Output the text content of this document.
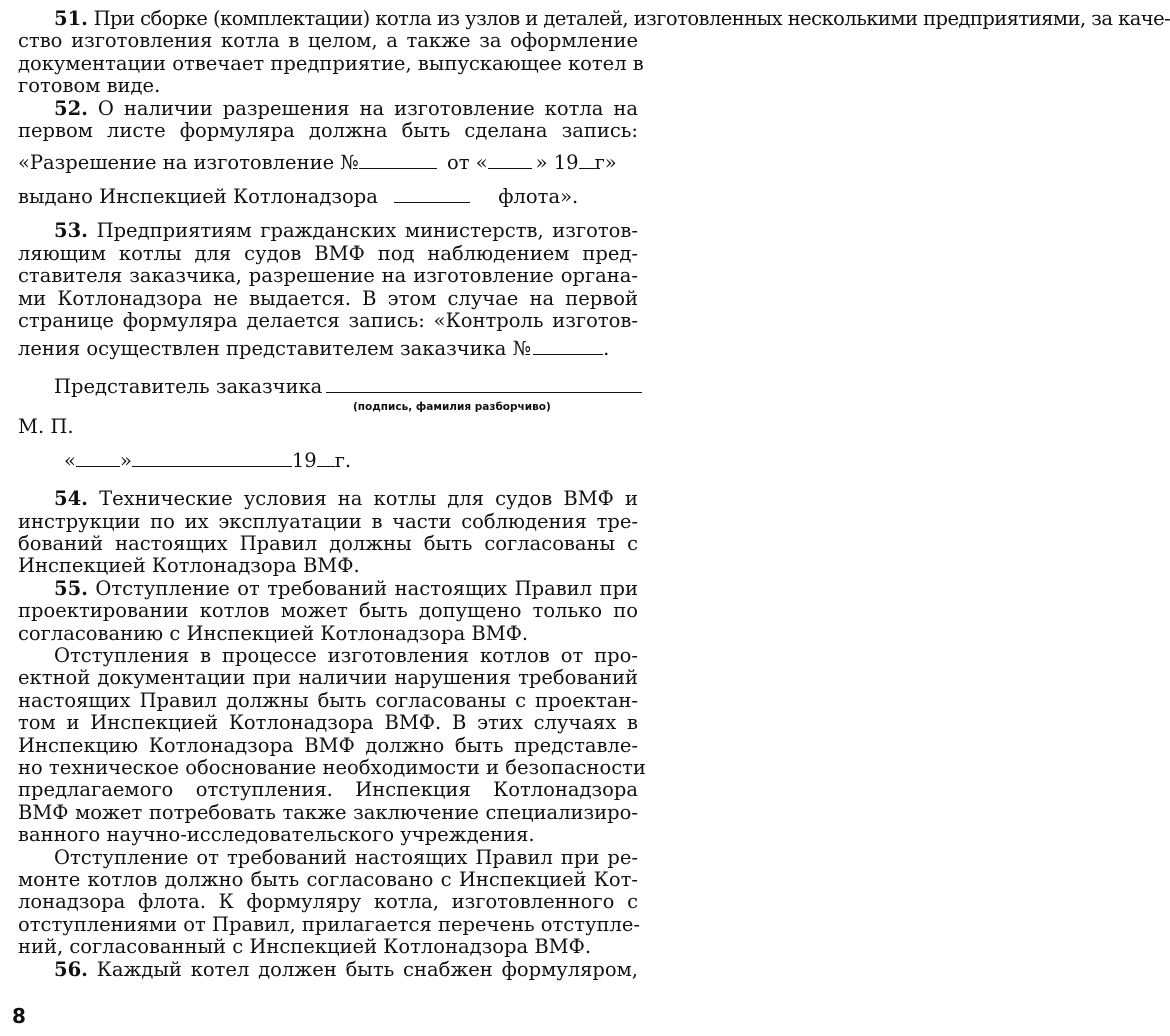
51. При сборке (комплектации) котла из узлов и деталей, изготовленных несколькими предприятиями, за каче-
ство изготовления котла в целом, а также за оформление
документации отвечает предприятие, выпускающее котел в
готовом виде.
52. О наличии разрешения на изготовление котла на
первом листе формуляра должна быть сделана запись:
«Разрешение на изготовление №	от « » 19 г»
выдано Инспекцией Котлонадзора	флота».
53. Предприятиям гражданских министерств, изготов-
ляющим котлы для судов ВМФ под наблюдением пред-
ставителя заказчика, разрешение на изготовление органа-
ми Котлонадзора не выдается. В этом случае на первой
странице формуляра делается запись: «Контроль изготов-
ления осуществлен представителем заказчика №	.
Представитель заказчика
(подпись, фамилия разборчиво)
М. П.
« »	19 г.
54. Технические условия на котлы для судов ВМФ и
инструкции по их эксплуатации в части соблюдения тре-
бований настоящих Правил должны быть согласованы с
Инспекцией Котлонадзора ВМФ.
55. Отступление от требований настоящих Правил при
проектировании котлов может быть допущено только по
согласованию с Инспекцией Котлонадзора ВМФ.
Отступления в процессе изготовления котлов от про-
ектной документации при наличии нарушения требований
настоящих Правил должны быть согласованы с проектан-
том и Инспекцией Котлонадзора ВМФ. В этих случаях в
Инспекцию Котлонадзора ВМФ должно быть представле-
но техническое обоснование необходимости и безопасности
предлагаемого отступления. Инспекция Котлонадзора
ВМФ может потребовать также заключение специализиро-
ванного научно-исследовательского учреждения.
Отступление от требований настоящих Правил при ре-
монте котлов должно быть согласовано с Инспекцией Кот-
лонадзора флота. К формуляру котла, изготовленного с
отступлениями от Правил, прилагается перечень отступле-
ний, согласованный с Инспекцией Котлонадзора ВМФ.
56. Каждый котел должен быть снабжен формуляром,
8
